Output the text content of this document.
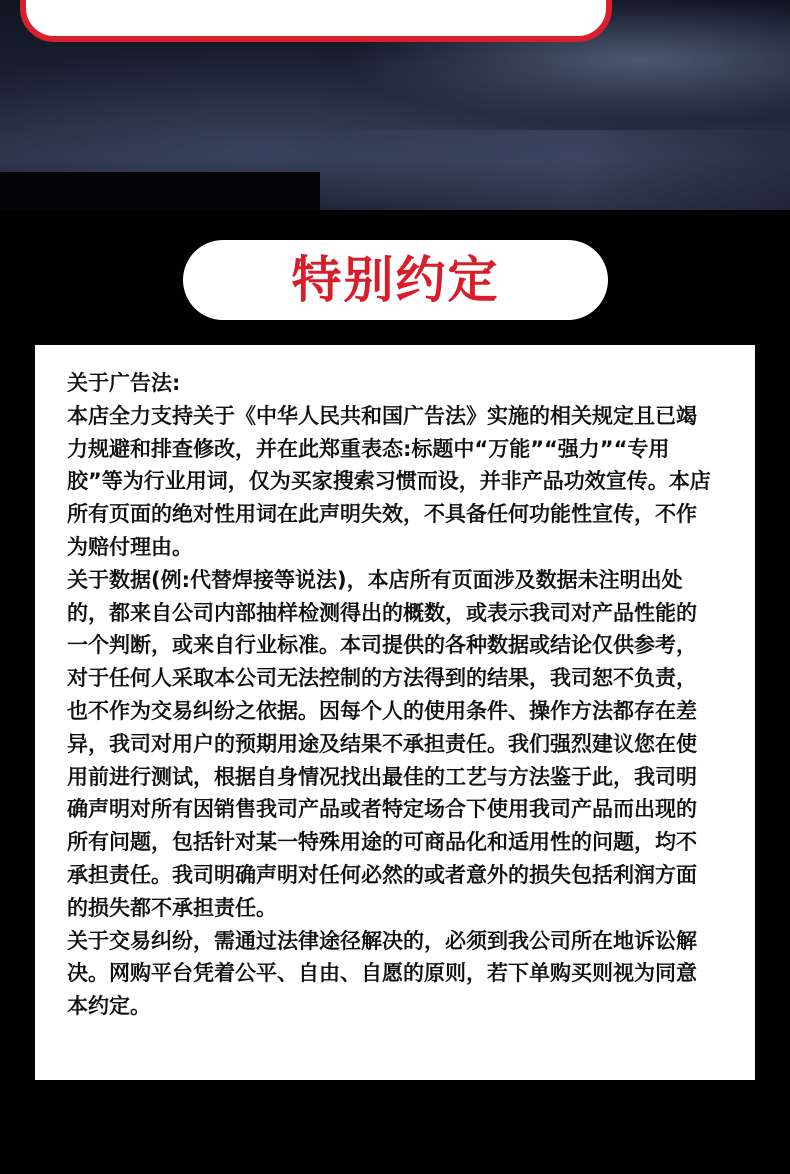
特别约定

关于广告法:

本店全力支持关于《中华人民共和国广告法》实施的相关规定且已竭力规避和排查修改，并在此郑重表态:标题中“万能”“强力”“专用胶”等为行业用词，仅为买家搜索习惯而设，并非产品功效宣传。本店所有页面的绝对性用词在此声明失效，不具备任何功能性宣传，不作为赔付理由。

关于数据(例:代替焊接等说法)，本店所有页面涉及数据未注明出处的，都来自公司内部抽样检测得出的概数，或表示我司对产品性能的一个判断，或来自行业标准。本司提供的各种数据或结论仅供参考，对于任何人采取本公司无法控制的方法得到的结果，我司恕不负责，也不作为交易纠纷之依据。因每个人的使用条件、操作方法都存在差异，我司对用户的预期用途及结果不承担责任。我们强烈建议您在使用前进行测试，根据自身情况找出最佳的工艺与方法鉴于此，我司明确声明对所有因销售我司产品或者特定场合下使用我司产品而出现的所有问题，包括针对某一特殊用途的可商品化和适用性的问题，均不承担责任。我司明确声明对任何必然的或者意外的损失包括利润方面的损失都不承担责任。

关于交易纠纷，需通过法律途径解决的，必须到我公司所在地诉讼解决。网购平台凭着公平、自由、自愿的原则，若下单购买则视为同意本约定。
